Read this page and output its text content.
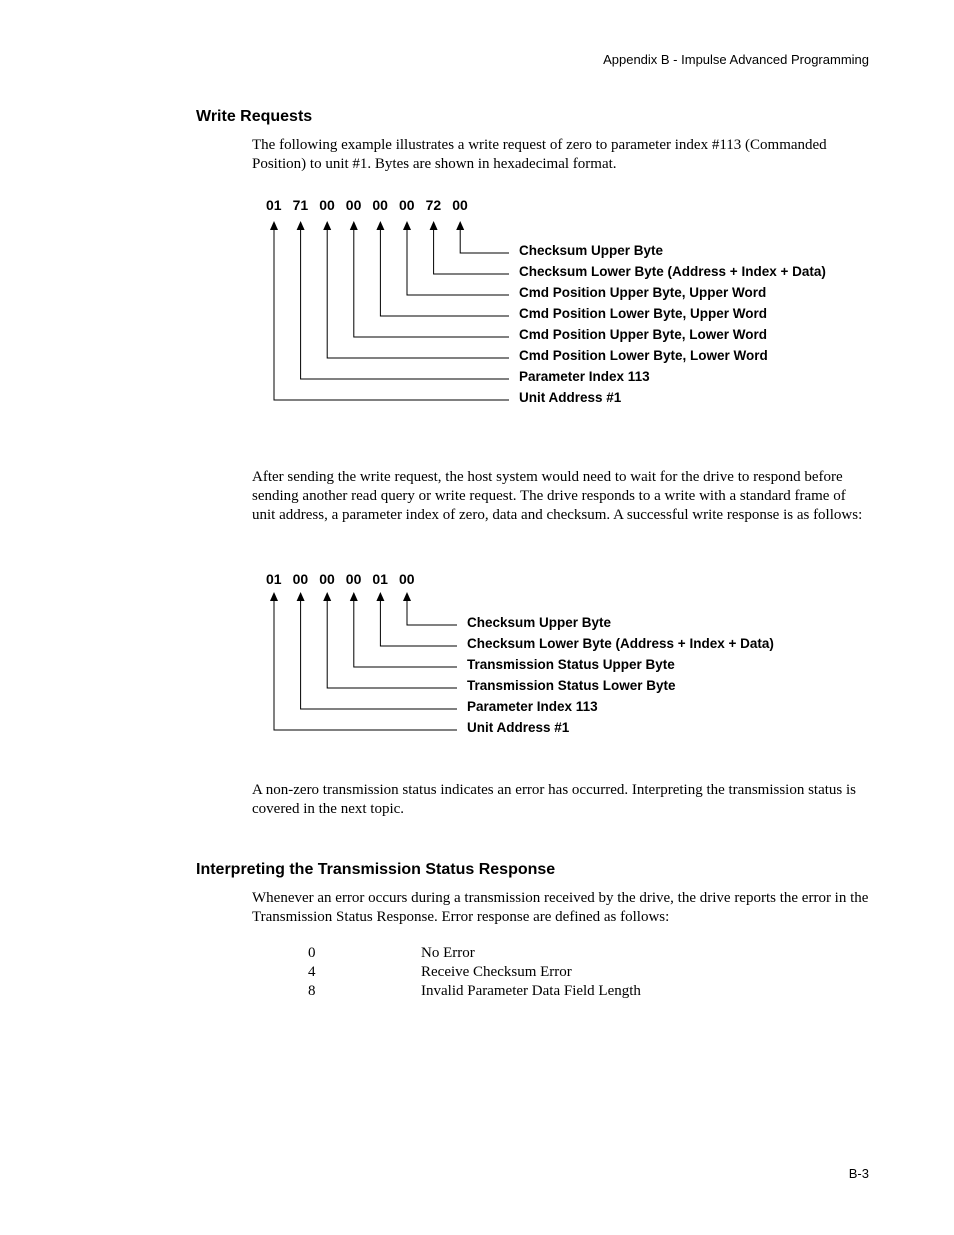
Appendix B - Impulse Advanced Programming
Write Requests
The following example illustrates a write request of zero to parameter index #113 (Commanded Position) to unit #1. Bytes are shown in hexadecimal format.
01 71 00 00 00 00 72 00
Checksum Upper Byte
Checksum Lower Byte (Address + Index + Data)
Cmd Position Upper Byte, Upper Word
Cmd Position Lower Byte, Upper Word
Cmd Position Upper Byte, Lower Word
Cmd Position Lower Byte, Lower Word
Parameter Index 113
Unit Address #1
After sending the write request, the host system would need to wait for the drive to respond before sending another read query or write request. The drive responds to a write with a standard frame of unit address, a parameter index of zero, data and checksum. A successful write response is as follows:
01 00 00 00 01 00
Checksum Upper Byte
Checksum Lower Byte (Address + Index + Data)
Transmission Status Upper Byte
Transmission Status Lower Byte
Parameter Index 113
Unit Address #1
A non-zero transmission status indicates an error has occurred. Interpreting the transmission status is covered in the next topic.
Interpreting the Transmission Status Response
Whenever an error occurs during a transmission received by the drive, the drive reports the error in the Transmission Status Response. Error response are defined as follows:
0	No Error
4	Receive Checksum Error
8	Invalid Parameter Data Field Length
B-3
